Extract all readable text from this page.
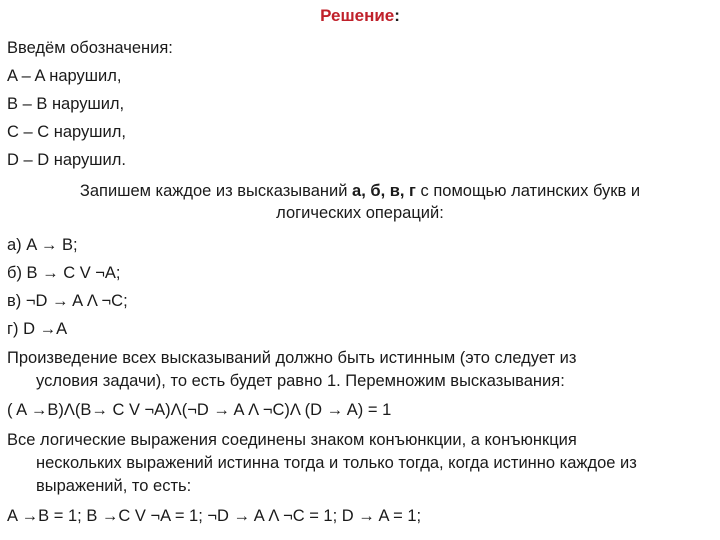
Решение:
Введём обозначения:
A – A нарушил,
B – B нарушил,
C – C нарушил,
D – D нарушил.
Запишем каждое из высказываний а, б, в, г с помощью латинских букв и
логических операций:
а) A → B;
б) B → C V ¬A;
в) ¬D → A Λ ¬C;
г) D →A
Произведение всех высказываний должно быть истинным (это следует из
условия задачи), то есть будет равно 1. Перемножим высказывания:
( A →B)Λ(B→ C V ¬A)Λ(¬D → A Λ ¬C)Λ (D → A) = 1
Все логические выражения соединены знаком конъюнкции, а конъюнкция
нескольких выражений истинна тогда и только тогда, когда истинно каждое из
выражений, то есть:
A →B = 1; B →C V ¬A = 1; ¬D → A Λ ¬C = 1; D → A = 1;
